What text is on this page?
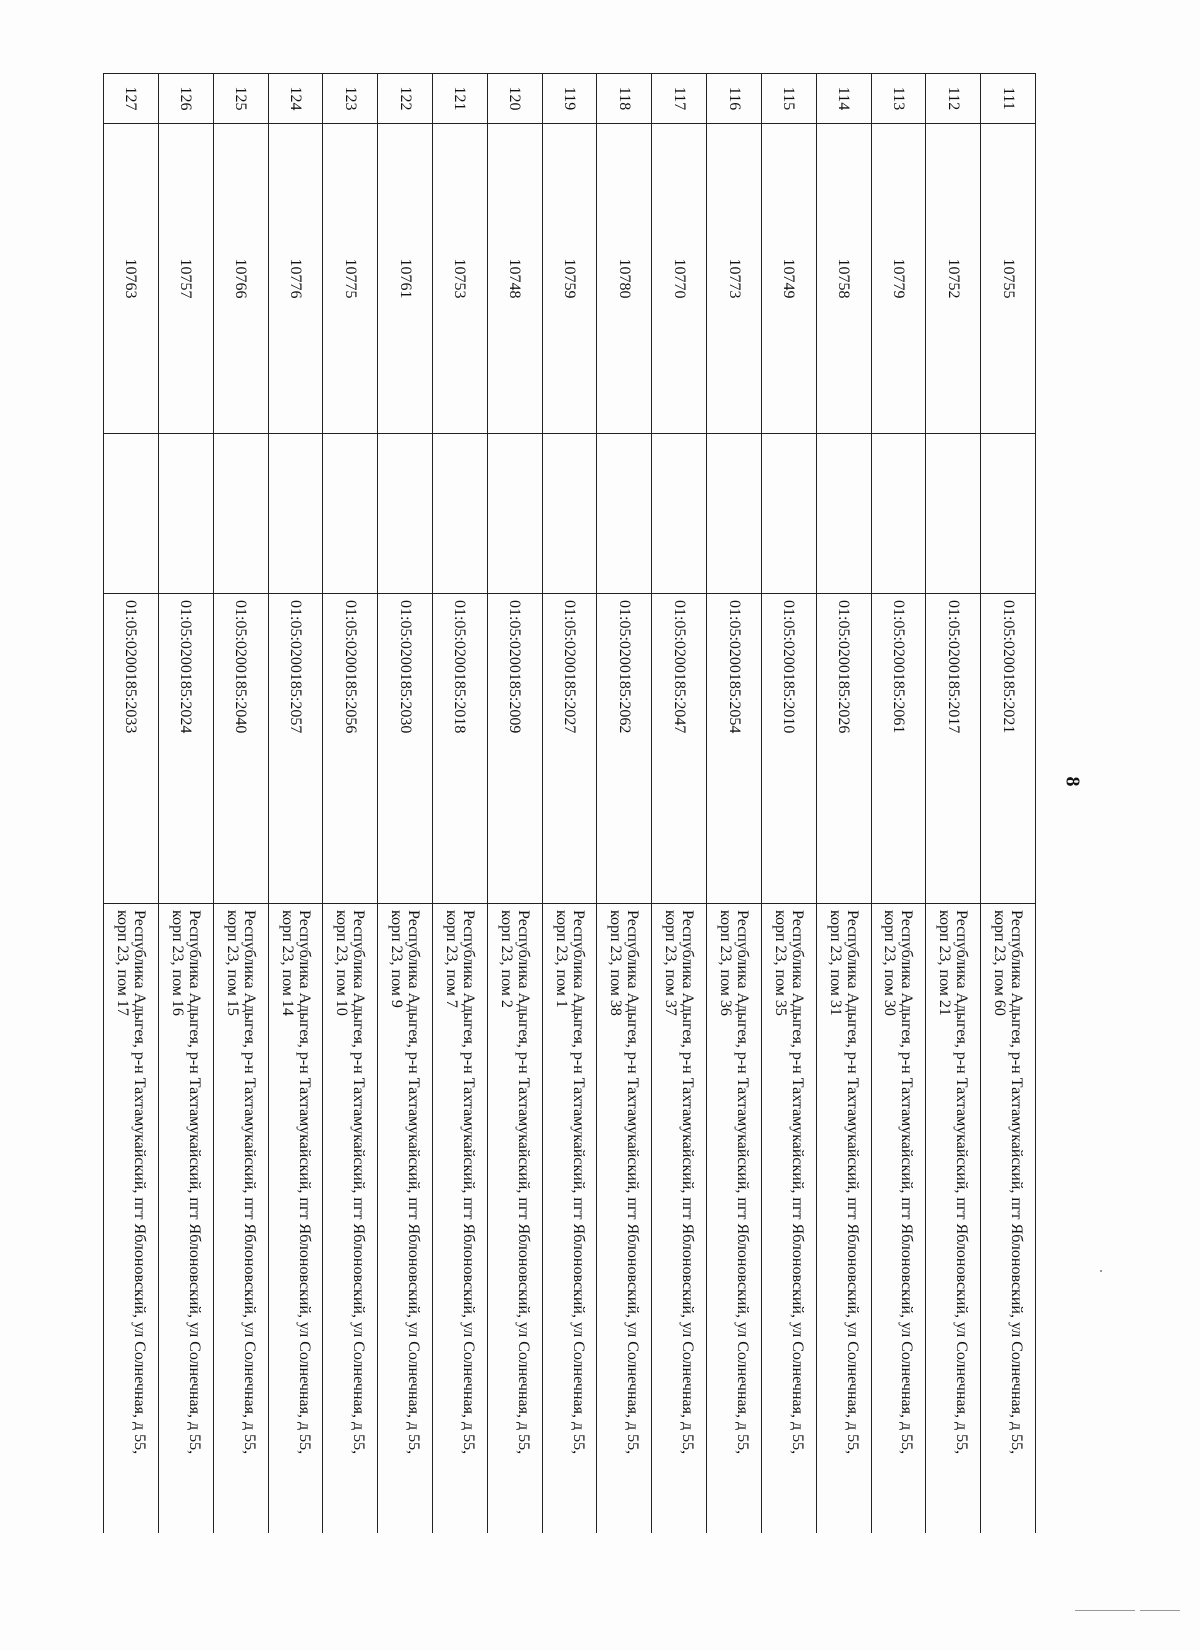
111	10755		01:05:0200185:2021	Республика Адыгея, р-н Тахтамукайский, пгт Яблоновский, ул Солнечная, д 55,
корп 23, пом 60

112	10752		01:05:0200185:2017	Республика Адыгея, р-н Тахтамукайский, пгт Яблоновский, ул Солнечная, д 55,
корп 23, пом 21

113	10779		01:05:0200185:2061	Республика Адыгея, р-н Тахтамукайский, пгт Яблоновский, ул Солнечная, д 55,
корп 23, пом 30

114	10758		01:05:0200185:2026	Республика Адыгея, р-н Тахтамукайский, пгт Яблоновский, ул Солнечная, д 55,
корп 23, пом 31

115	10749		01:05:0200185:2010	Республика Адыгея, р-н Тахтамукайский, пгт Яблоновский, ул Солнечная, д 55,
корп 23, пом 35

116	10773		01:05:0200185:2054	Республика Адыгея, р-н Тахтамукайский, пгт Яблоновский, ул Солнечная, д 55,
корп 23, пом 36

117	10770		01:05:0200185:2047	Республика Адыгея, р-н Тахтамукайский, пгт Яблоновский, ул Солнечная, д 55,
корп 23, пом 37

118	10780		01:05:0200185:2062	Республика Адыгея, р-н Тахтамукайский, пгт Яблоновский, ул Солнечная, д 55,
корп 23, пом 38

119	10759		01:05:0200185:2027	Республика Адыгея, р-н Тахтамукайский, пгт Яблоновский, ул Солнечная, д 55,
корп 23, пом 1

120	10748		01:05:0200185:2009	Республика Адыгея, р-н Тахтамукайский, пгт Яблоновский, ул Солнечная, д 55,
корп 23, пом 2

121	10753		01:05:0200185:2018	Республика Адыгея, р-н Тахтамукайский, пгт Яблоновский, ул Солнечная, д 55,
корп 23, пом 7

122	10761		01:05:0200185:2030	Республика Адыгея, р-н Тахтамукайский, пгт Яблоновский, ул Солнечная, д 55,
корп 23, пом 9

123	10775		01:05:0200185:2056	Республика Адыгея, р-н Тахтамукайский, пгт Яблоновский, ул Солнечная, д 55,
корп 23, пом 10

124	10776		01:05:0200185:2057	Республика Адыгея, р-н Тахтамукайский, пгт Яблоновский, ул Солнечная, д 55,
корп 23, пом 14

125	10766		01:05:0200185:2040	Республика Адыгея, р-н Тахтамукайский, пгт Яблоновский, ул Солнечная, д 55,
корп 23, пом 15

126	10757		01:05:0200185:2024	Республика Адыгея, р-н Тахтамукайский, пгт Яблоновский, ул Солнечная, д 55,
корп 23, пом 16

127	10763		01:05:0200185:2033	Республика Адыгея, р-н Тахтамукайский, пгт Яблоновский, ул Солнечная, д 55,
корп 23, пом 17
8
